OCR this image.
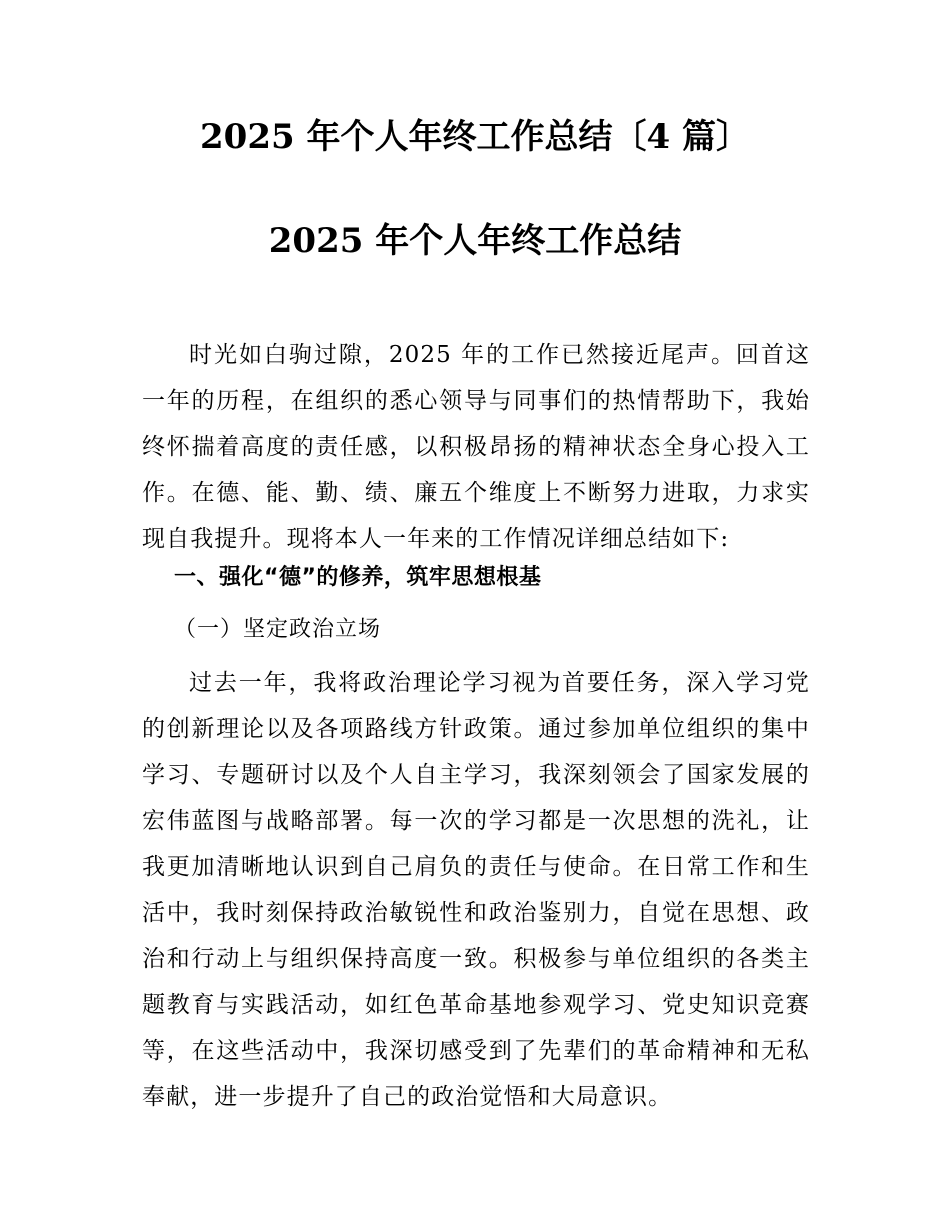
2025 年个人年终工作总结〔4 篇〕
2025 年个人年终工作总结

时光如白驹过隙，2025 年的工作已然接近尾声。回首这一年的历程，在组织的悉心领导与同事们的热情帮助下，我始终怀揣着高度的责任感，以积极昂扬的精神状态全身心投入工作。在德、能、勤、绩、廉五个维度上不断努力进取，力求实现自我提升。现将本人一年来的工作情况详细总结如下:

一、强化“德”的修养，筑牢思想根基
（一）坚定政治立场

过去一年，我将政治理论学习视为首要任务，深入学习党的创新理论以及各项路线方针政策。通过参加单位组织的集中学习、专题研讨以及个人自主学习，我深刻领会了国家发展的宏伟蓝图与战略部署。每一次的学习都是一次思想的洗礼，让我更加清晰地认识到自己肩负的责任与使命。在日常工作和生活中，我时刻保持政治敏锐性和政治鉴别力，自觉在思想、政治和行动上与组织保持高度一致。积极参与单位组织的各类主题教育与实践活动，如红色革命基地参观学习、党史知识竞赛等，在这些活动中，我深切感受到了先辈们的革命精神和无私奉献，进一步提升了自己的政治觉悟和大局意识。
